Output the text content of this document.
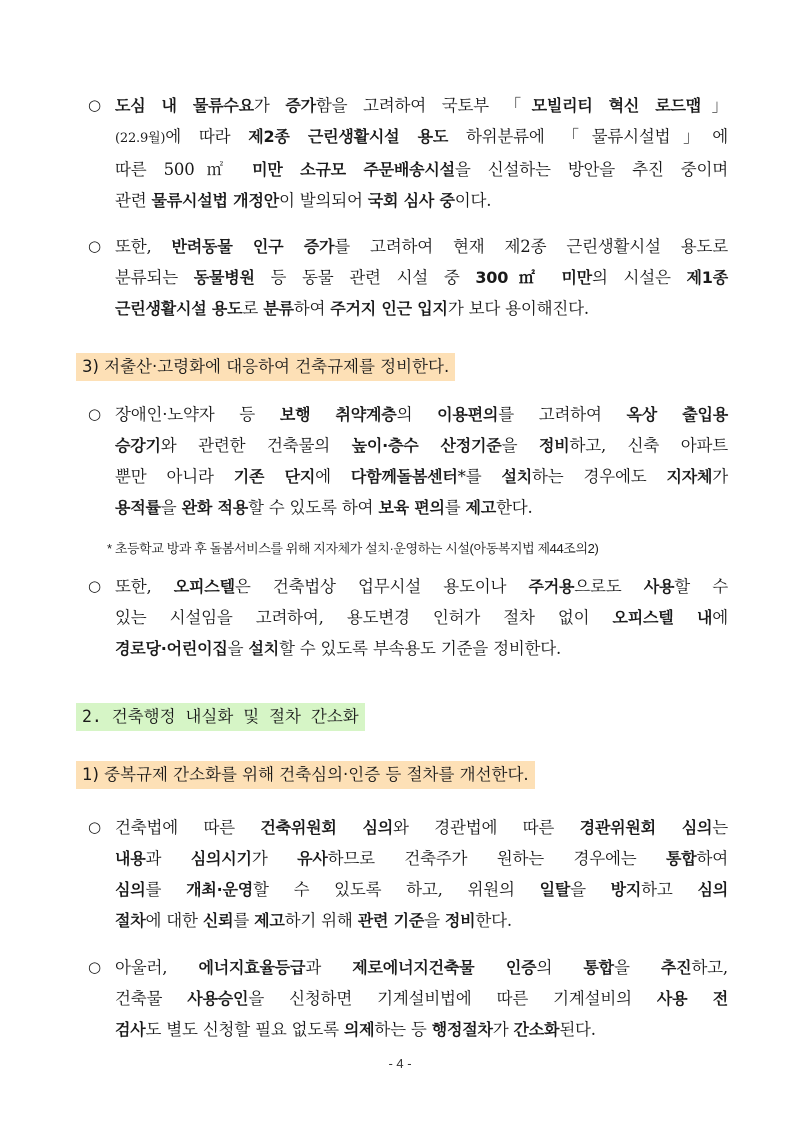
○ 도심 내 물류수요가 증가함을 고려하여 국토부 「모빌리티 혁신 로드맵」
(22.9월)에 따라 제2종 근린생활시설 용도 하위분류에 「물류시설법」에
따른 500㎡ 미만 소규모 주문배송시설을 신설하는 방안을 추진 중이며
관련 물류시설법 개정안이 발의되어 국회 심사 중이다.
○ 또한, 반려동물 인구 증가를 고려하여 현재 제2종 근린생활시설 용도로
분류되는 동물병원 등 동물 관련 시설 중 300㎡ 미만의 시설은 제1종
근린생활시설 용도로 분류하여 주거지 인근 입지가 보다 용이해진다.
3) 저출산·고령화에 대응하여 건축규제를 정비한다.
○ 장애인·노약자 등 보행 취약계층의 이용편의를 고려하여 옥상 출입용
승강기와 관련한 건축물의 높이·층수 산정기준을 정비하고, 신축 아파트
뿐만 아니라 기존 단지에 다함께돌봄센터*를 설치하는 경우에도 지자체가
용적률을 완화 적용할 수 있도록 하여 보육 편의를 제고한다.
* 초등학교 방과 후 돌봄서비스를 위해 지자체가 설치·운영하는 시설(아동복지법 제44조의2)
○ 또한, 오피스텔은 건축법상 업무시설 용도이나 주거용으로도 사용할 수
있는 시설임을 고려하여, 용도변경 인허가 절차 없이 오피스텔 내에
경로당·어린이집을 설치할 수 있도록 부속용도 기준을 정비한다.
2. 건축행정 내실화 및 절차 간소화
1) 중복규제 간소화를 위해 건축심의·인증 등 절차를 개선한다.
○ 건축법에 따른 건축위원회 심의와 경관법에 따른 경관위원회 심의는
내용과 심의시기가 유사하므로 건축주가 원하는 경우에는 통합하여
심의를 개최·운영할 수 있도록 하고, 위원의 일탈을 방지하고 심의
절차에 대한 신뢰를 제고하기 위해 관련 기준을 정비한다.
○ 아울러, 에너지효율등급과 제로에너지건축물 인증의 통합을 추진하고,
건축물 사용승인을 신청하면 기계설비법에 따른 기계설비의 사용 전
검사도 별도 신청할 필요 없도록 의제하는 등 행정절차가 간소화된다.
- 4 -
